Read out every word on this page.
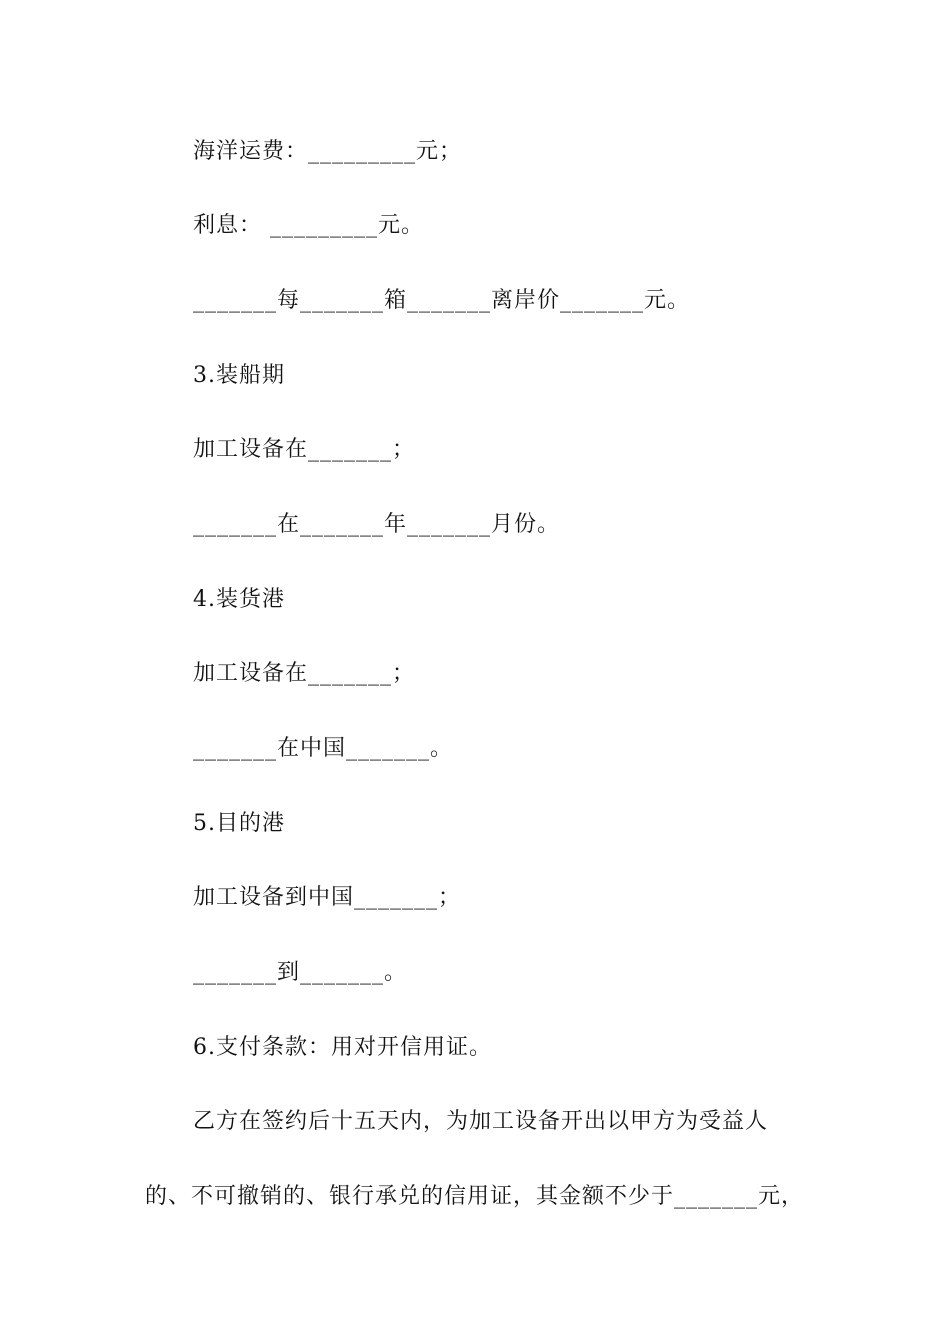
海洋运费：_________元；
利息： _________元。
_______每_______箱_______离岸价_______元。
3.装船期
加工设备在_______；
_______在_______年_______月份。
4.装货港
加工设备在_______；
_______在中国_______。
5.目的港
加工设备到中国_______；
_______到_______。
6.支付条款：用对开信用证。
乙方在签约后十五天内，为加工设备开出以甲方为受益人
的、不可撤销的、银行承兑的信用证，其金额不少于_______元，
